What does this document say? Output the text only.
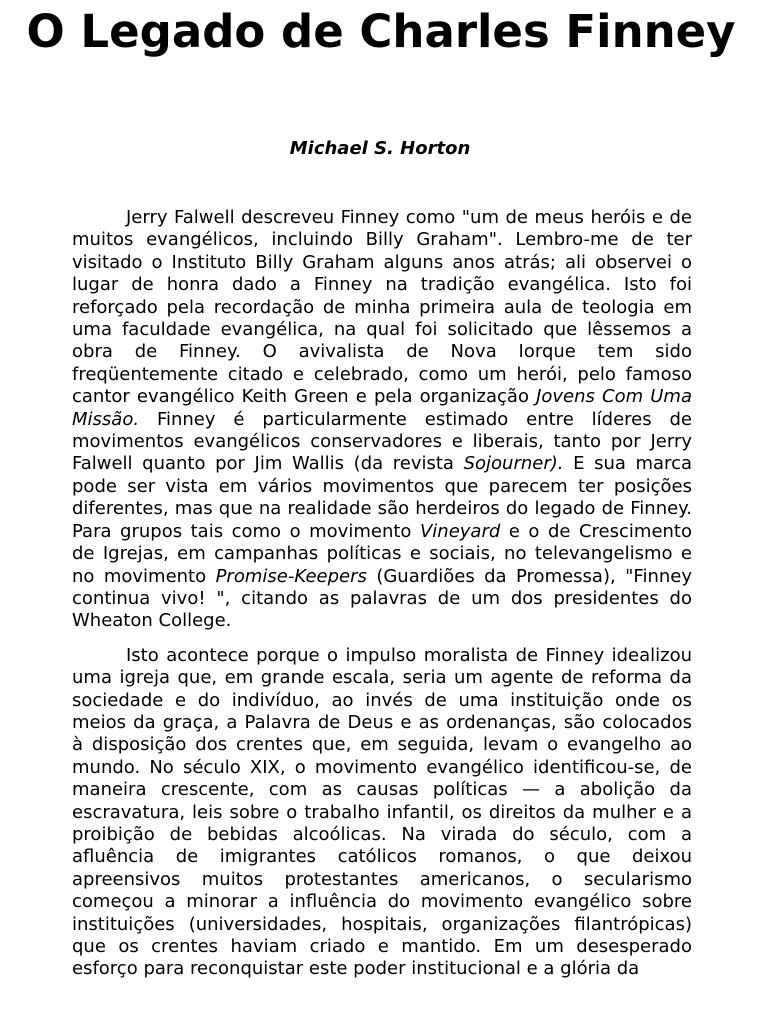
O Legado de Charles Finney

Michael S. Horton

Jerry Falwell descreveu Finney como "um de meus heróis e de muitos evangélicos, incluindo Billy Graham". Lembro-me de ter visitado o Instituto Billy Graham alguns anos atrás; ali observei o lugar de honra dado a Finney na tradição evangélica. Isto foi reforçado pela recordação de minha primeira aula de teologia em uma faculdade evangélica, na qual foi solicitado que lêssemos a obra de Finney. O avivalista de Nova Iorque tem sido freqüentemente citado e celebrado, como um herói, pelo famoso cantor evangélico Keith Green e pela organização Jovens Com Uma Missão. Finney é particularmente estimado entre líderes de movimentos evangélicos conservadores e liberais, tanto por Jerry Falwell quanto por Jim Wallis (da revista Sojourner). E sua marca pode ser vista em vários movimentos que parecem ter posições diferentes, mas que na realidade são herdeiros do legado de Finney. Para grupos tais como o movimento Vineyard e o de Crescimento de Igrejas, em campanhas políticas e sociais, no televangelismo e no movimento Promise-Keepers (Guardiões da Promessa), "Finney continua vivo! ", citando as palavras de um dos presidentes do Wheaton College.

Isto acontece porque o impulso moralista de Finney idealizou uma igreja que, em grande escala, seria um agente de reforma da sociedade e do indivíduo, ao invés de uma instituição onde os meios da graça, a Palavra de Deus e as ordenanças, são colocados à disposição dos crentes que, em seguida, levam o evangelho ao mundo. No século XIX, o movimento evangélico identificou-se, de maneira crescente, com as causas políticas — a abolição da escravatura, leis sobre o trabalho infantil, os direitos da mulher e a proibição de bebidas alcoólicas. Na virada do século, com a afluência de imigrantes católicos romanos, o que deixou apreensivos muitos protestantes americanos, o secularismo começou a minorar a influência do movimento evangélico sobre instituições (universidades, hospitais, organizações filantrópicas) que os crentes haviam criado e mantido. Em um desesperado esforço para reconquistar este poder institucional e a glória da
